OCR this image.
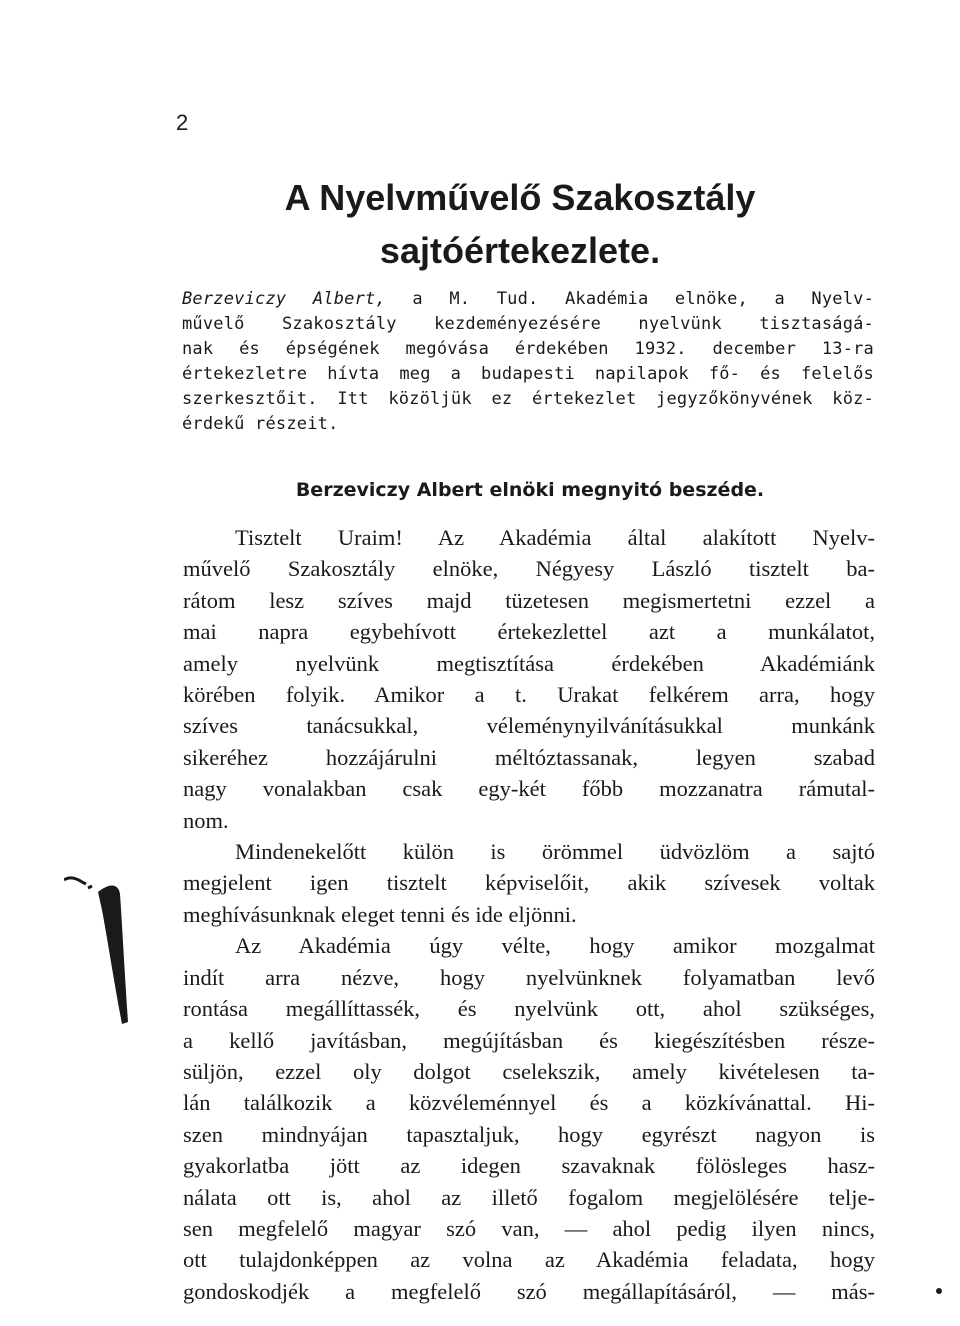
2
A Nyelvművelő Szakosztály
sajtóértekezlete.
Berzeviczy Albert, a M. Tud. Akadémia elnöke, a Nyelv-
művelő Szakosztály kezdeményezésére nyelvünk tisztaságá-
nak és épségének megóvása érdekében 1932. december 13-ra
értekezletre hívta meg a budapesti napilapok fő- és felelős
szerkesztőit. Itt közöljük ez értekezlet jegyzőkönyvének köz-
érdekű részeit.
Berzeviczy Albert elnöki megnyitó beszéde.
Tisztelt Uraim! Az Akadémia által alakított Nyelv-
művelő Szakosztály elnöke, Négyesy László tisztelt ba-
rátom lesz szíves majd tüzetesen megismertetni ezzel a
mai napra egybehívott értekezlettel azt a munkálatot,
amely nyelvünk megtisztítása érdekében Akadémiánk
körében folyik. Amikor a t. Urakat felkérem arra, hogy
szíves tanácsukkal, véleménynyilvánításukkal munkánk
sikeréhez hozzájárulni méltóztassanak, legyen szabad
nagy vonalakban csak egy-két főbb mozzanatra rámutal-
nom.
Mindenekelőtt külön is örömmel üdvözlöm a sajtó
megjelent igen tisztelt képviselőit, akik szívesek voltak
meghívásunknak eleget tenni és ide eljönni.
Az Akadémia úgy vélte, hogy amikor mozgalmat
indít arra nézve, hogy nyelvünknek folyamatban levő
rontása megállíttassék, és nyelvünk ott, ahol szükséges,
a kellő javításban, megújításban és kiegészítésben része-
süljön, ezzel oly dolgot cselekszik, amely kivételesen ta-
lán találkozik a közvéleménnyel és a közkívánattal. Hi-
szen mindnyájan tapasztaljuk, hogy egyrészt nagyon is
gyakorlatba jött az idegen szavaknak fölösleges hasz-
nálata ott is, ahol az illető fogalom megjelölésére telje-
sen megfelelő magyar szó van, — ahol pedig ilyen nincs,
ott tulajdonképpen az volna az Akadémia feladata, hogy
gondoskodjék a megfelelő szó megállapításáról, — más-
